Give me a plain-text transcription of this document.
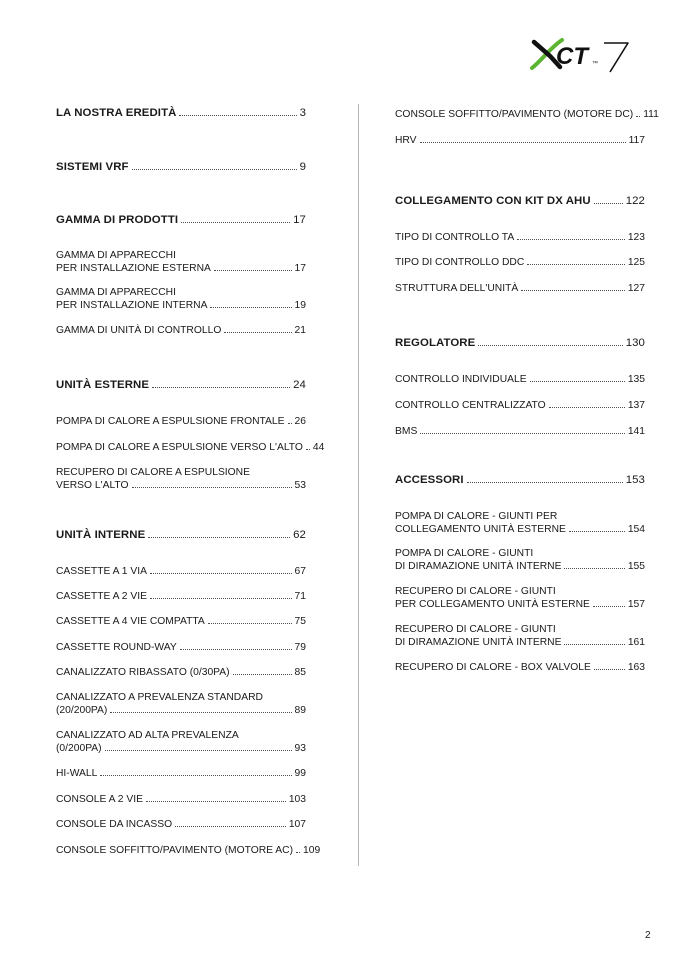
CT ™
LA NOSTRA EREDITÀ	3
SISTEMI VRF	9
GAMMA DI PRODOTTI	17
GAMMA DI APPARECCHI
PER INSTALLAZIONE ESTERNA	17
GAMMA DI APPARECCHI
PER INSTALLAZIONE INTERNA	19
GAMMA DI UNITÀ DI CONTROLLO	21
UNITÀ ESTERNE	24
POMPA DI CALORE A ESPULSIONE FRONTALE 26
POMPA DI CALORE A ESPULSIONE VERSO L'ALTO 44
RECUPERO DI CALORE A ESPULSIONE
VERSO L'ALTO	53
UNITÀ INTERNE	62
CASSETTE A 1 VIA	67
CASSETTE A 2 VIE	71
CASSETTE A 4 VIE COMPATTA	75
CASSETTE ROUND-WAY	79
CANALIZZATO RIBASSATO (0/30PA)	85
CANALIZZATO A PREVALENZA STANDARD
(20/200PA)	89
CANALIZZATO AD ALTA PREVALENZA
(0/200PA)	93
HI-WALL	99
CONSOLE A 2 VIE	103
CONSOLE DA INCASSO	107
CONSOLE SOFFITTO/PAVIMENTO (MOTORE AC) 109
CONSOLE SOFFITTO/PAVIMENTO (MOTORE DC) 111
HRV	117
COLLEGAMENTO CON KIT DX AHU	122
TIPO DI CONTROLLO TA	123
TIPO DI CONTROLLO DDC	125
STRUTTURA DELL'UNITÀ	127
REGOLATORE	130
CONTROLLO INDIVIDUALE	135
CONTROLLO CENTRALIZZATO	137
BMS	141
ACCESSORI	153
POMPA DI CALORE - GIUNTI PER
COLLEGAMENTO UNITÀ ESTERNE	154
POMPA DI CALORE - GIUNTI
DI DIRAMAZIONE UNITÀ INTERNE	155
RECUPERO DI CALORE - GIUNTI
PER COLLEGAMENTO UNITÀ ESTERNE	157
RECUPERO DI CALORE - GIUNTI
DI DIRAMAZIONE UNITÀ INTERNE	161
RECUPERO DI CALORE - BOX VALVOLE	163
2
